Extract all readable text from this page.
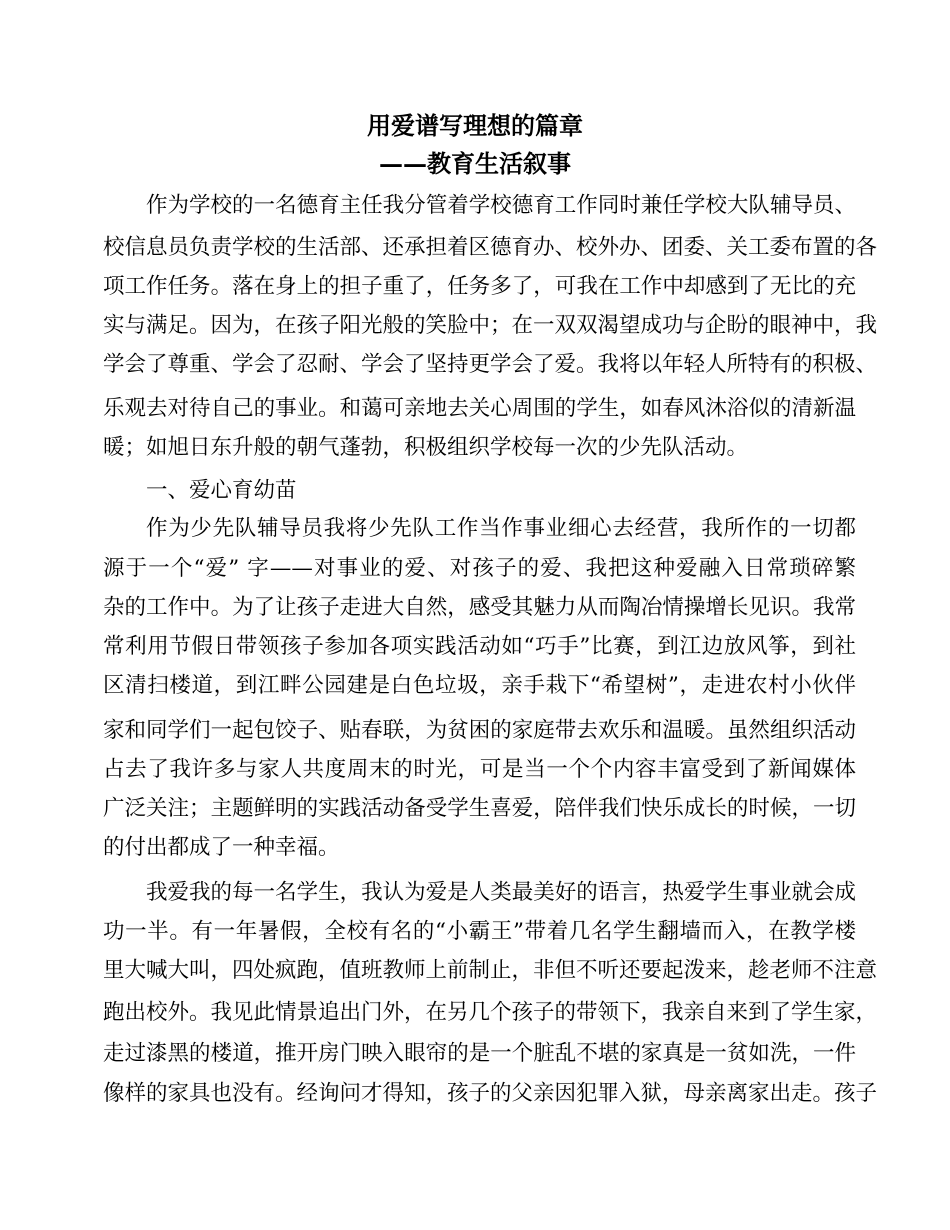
用爱谱写理想的篇章
——教育生活叙事
作为学校的一名德育主任我分管着学校德育工作同时兼任学校大队辅导员、
校信息员负责学校的生活部、还承担着区德育办、校外办、团委、关工委布置的各
项工作任务。落在身上的担子重了，任务多了，可我在工作中却感到了无比的充
实与满足。因为，在孩子阳光般的笑脸中；在一双双渴望成功与企盼的眼神中，我
学会了尊重、学会了忍耐、学会了坚持更学会了爱。我将以年轻人所特有的积极、
乐观去对待自己的事业。和蔼可亲地去关心周围的学生，如春风沐浴似的清新温
暖；如旭日东升般的朝气蓬勃，积极组织学校每一次的少先队活动。
一、爱心育幼苗
作为少先队辅导员我将少先队工作当作事业细心去经营，我所作的一切都
源于一个“爱” 字——对事业的爱、对孩子的爱、我把这种爱融入日常琐碎繁
杂的工作中。为了让孩子走进大自然，感受其魅力从而陶冶情操增长见识。我常
常利用节假日带领孩子参加各项实践活动如“巧手”比赛，到江边放风筝，到社
区清扫楼道，到江畔公园建是白色垃圾，亲手栽下“希望树”，走进农村小伙伴
家和同学们一起包饺子、贴春联，为贫困的家庭带去欢乐和温暖。虽然组织活动
占去了我许多与家人共度周末的时光，可是当一个个内容丰富受到了新闻媒体
广泛关注；主题鲜明的实践活动备受学生喜爱，陪伴我们快乐成长的时候，一切
的付出都成了一种幸福。
我爱我的每一名学生，我认为爱是人类最美好的语言，热爱学生事业就会成
功一半。有一年暑假，全校有名的“小霸王”带着几名学生翻墙而入，在教学楼
里大喊大叫，四处疯跑，值班教师上前制止，非但不听还要起泼来，趁老师不注意
跑出校外。我见此情景追出门外，在另几个孩子的带领下，我亲自来到了学生家，
走过漆黑的楼道，推开房门映入眼帘的是一个脏乱不堪的家真是一贫如洗，一件
像样的家具也没有。经询问才得知，孩子的父亲因犯罪入狱，母亲离家出走。孩子
